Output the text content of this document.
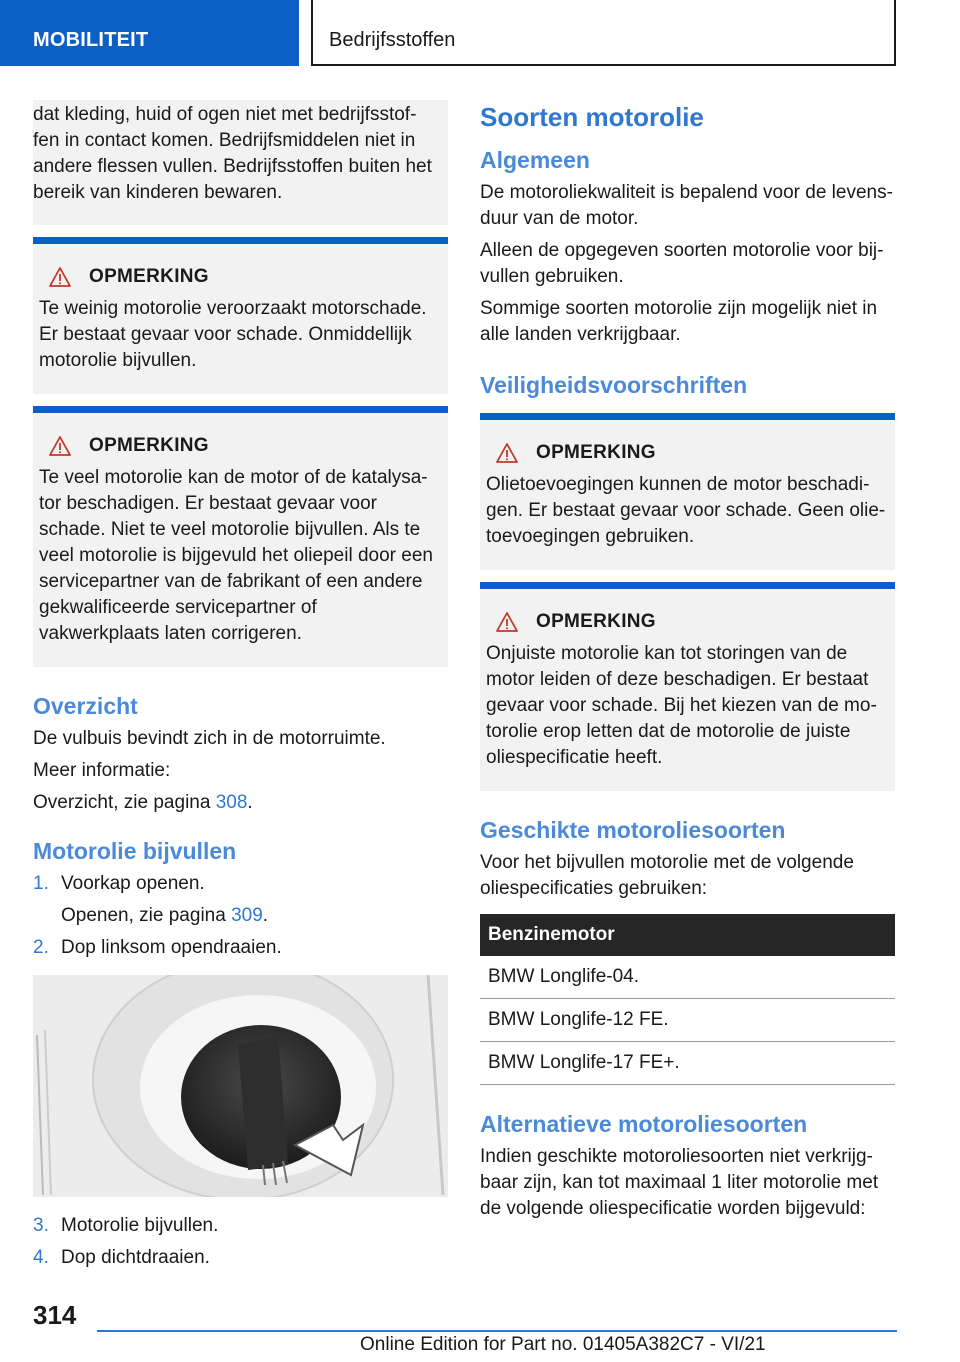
MOBILITEIT	Bedrijfsstoffen
dat kleding, huid of ogen niet met bedrijfsstof-fen in contact komen. Bedrijfsmiddelen niet in andere flessen vullen. Bedrijfsstoffen buiten het bereik van kinderen bewaren.
OPMERKING
Te weinig motorolie veroorzaakt motorschade. Er bestaat gevaar voor schade. Onmiddellijk motorolie bijvullen.
OPMERKING
Te veel motorolie kan de motor of de katalysa-tor beschadigen. Er bestaat gevaar voor schade. Niet te veel motorolie bijvullen. Als te veel motorolie is bijgevuld het oliepeil door een servicepartner van de fabrikant of een andere gekwalificeerde servicepartner of vakwerkplaats laten corrigeren.
Overzicht

De vulbuis bevindt zich in de motorruimte.

Meer informatie:

Overzicht, zie pagina 308.

Motorolie bijvullen
1. Voorkap openen.
Openen, zie pagina 309.
2. Dop linksom opendraaien.
3. Motorolie bijvullen.
4. Dop dichtdraaien.
Soorten motorolie
Algemeen

De motoroliekwaliteit is bepalend voor de levens-duur van de motor.

Alleen de opgegeven soorten motorolie voor bij-vullen gebruiken.

Sommige soorten motorolie zijn mogelijk niet in alle landen verkrijgbaar.

Veiligheidsvoorschriften
OPMERKING
Olietoevoegingen kunnen de motor beschadi-gen. Er bestaat gevaar voor schade. Geen olie-toevoegingen gebruiken.
OPMERKING
Onjuiste motorolie kan tot storingen van de motor leiden of deze beschadigen. Er bestaat gevaar voor schade. Bij het kiezen van de mo-torolie erop letten dat de motorolie de juiste oliespecificatie heeft.
Geschikte motoroliesoorten

Voor het bijvullen motorolie met de volgende oliespecificaties gebruiken:

Benzinemotor
BMW Longlife-04.
BMW Longlife-12 FE.
BMW Longlife-17 FE+.
Alternatieve motoroliesoorten

Indien geschikte motoroliesoorten niet verkrijg-baar zijn, kan tot maximaal 1 liter motorolie met de volgende oliespecificatie worden bijgevuld:

314
Online Edition for Part no. 01405A382C7 - VI/21
